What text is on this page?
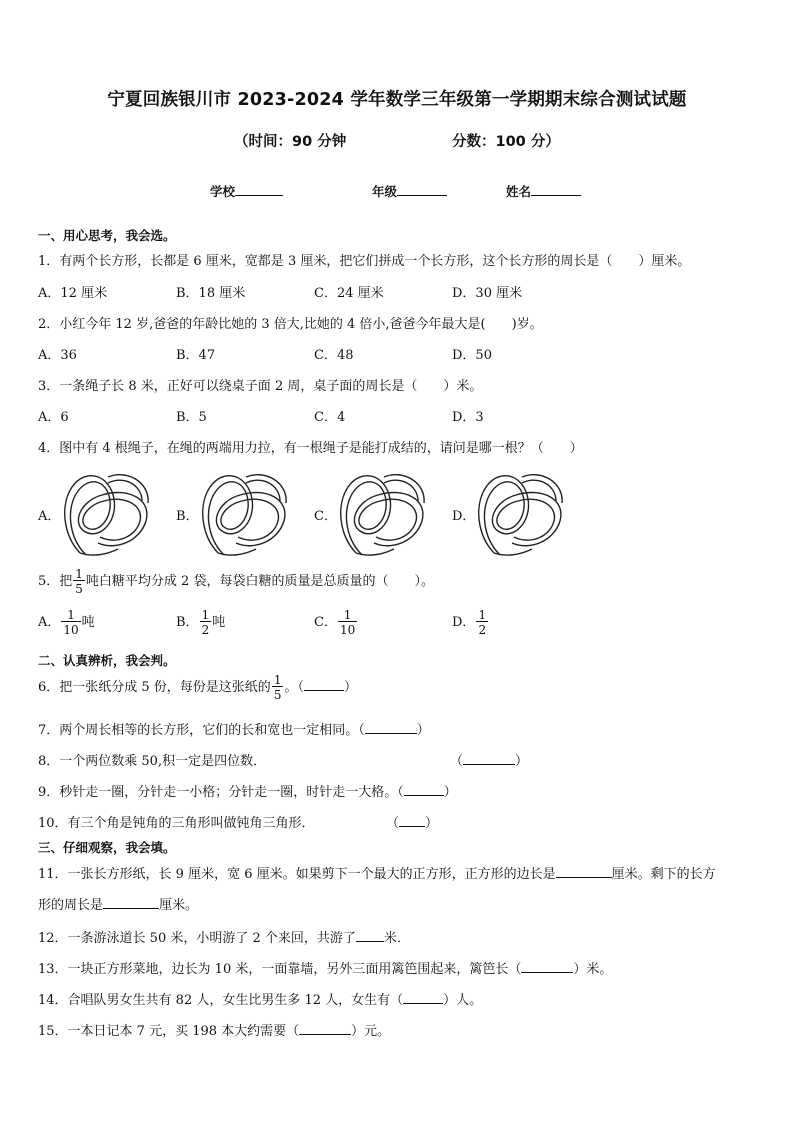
宁夏回族银川市 2023-2024 学年数学三年级第一学期期末综合测试试题
（时间：90 分钟	分数：100 分）
学校	年级	姓名
一、用心思考，我会选。
1．有两个长方形，长都是 6 厘米，宽都是 3 厘米，把它们拼成一个长方形，这个长方形的周长是（　　）厘米。
A．12 厘米	B．18 厘米	C．24 厘米	D．30 厘米
2．小红今年 12 岁,爸爸的年龄比她的 3 倍大,比她的 4 倍小,爸爸今年最大是(　　)岁。
A．36	B．47	C．48	D．50
3．一条绳子长 8 米，正好可以绕桌子面 2 周，桌子面的周长是（　　）米。
A．6	B．5	C．4	D．3
4．图中有 4 根绳子，在绳的两端用力拉，有一根绳子是能打成结的，请问是哪一根？（　　）
A．	B．	C．	D．
5．把 $\frac{1}{5}$ 吨白糖平均分成 2 袋，每袋白糖的质量是总质量的（　　）。
A． $\frac{1}{10}$ 吨	B． $\frac{1}{2}$ 吨	C． $\frac{1}{10}$	D． $\frac{1}{2}$
二、认真辨析，我会判。
6．把一张纸分成 5 份，每份是这张纸的 $\frac{1}{5}$ 。（	）
7．两个周长相等的长方形，它们的长和宽也一定相同。（	）
8．一个两位数乘 50,积一定是四位数．	（	）
9．秒针走一圈，分针走一小格；分针走一圈，时针走一大格。（	）
10．有三个角是钝角的三角形叫做钝角三角形．	（ ）
三、仔细观察，我会填。
11．一张长方形纸，长 9 厘米，宽 6 厘米。如果剪下一个最大的正方形，正方形的边长是	厘米。剩下的长方
形的周长是	厘米。
12．一条游泳道长 50 米，小明游了 2 个来回，共游了 米．
13．一块正方形菜地，边长为 10 米，一面靠墙，另外三面用篱笆围起来，篱笆长（	）米。
14．合唱队男女生共有 82 人，女生比男生多 12 人，女生有（	）人。
15．一本日记本 7 元，买 198 本大约需要（	）元。
